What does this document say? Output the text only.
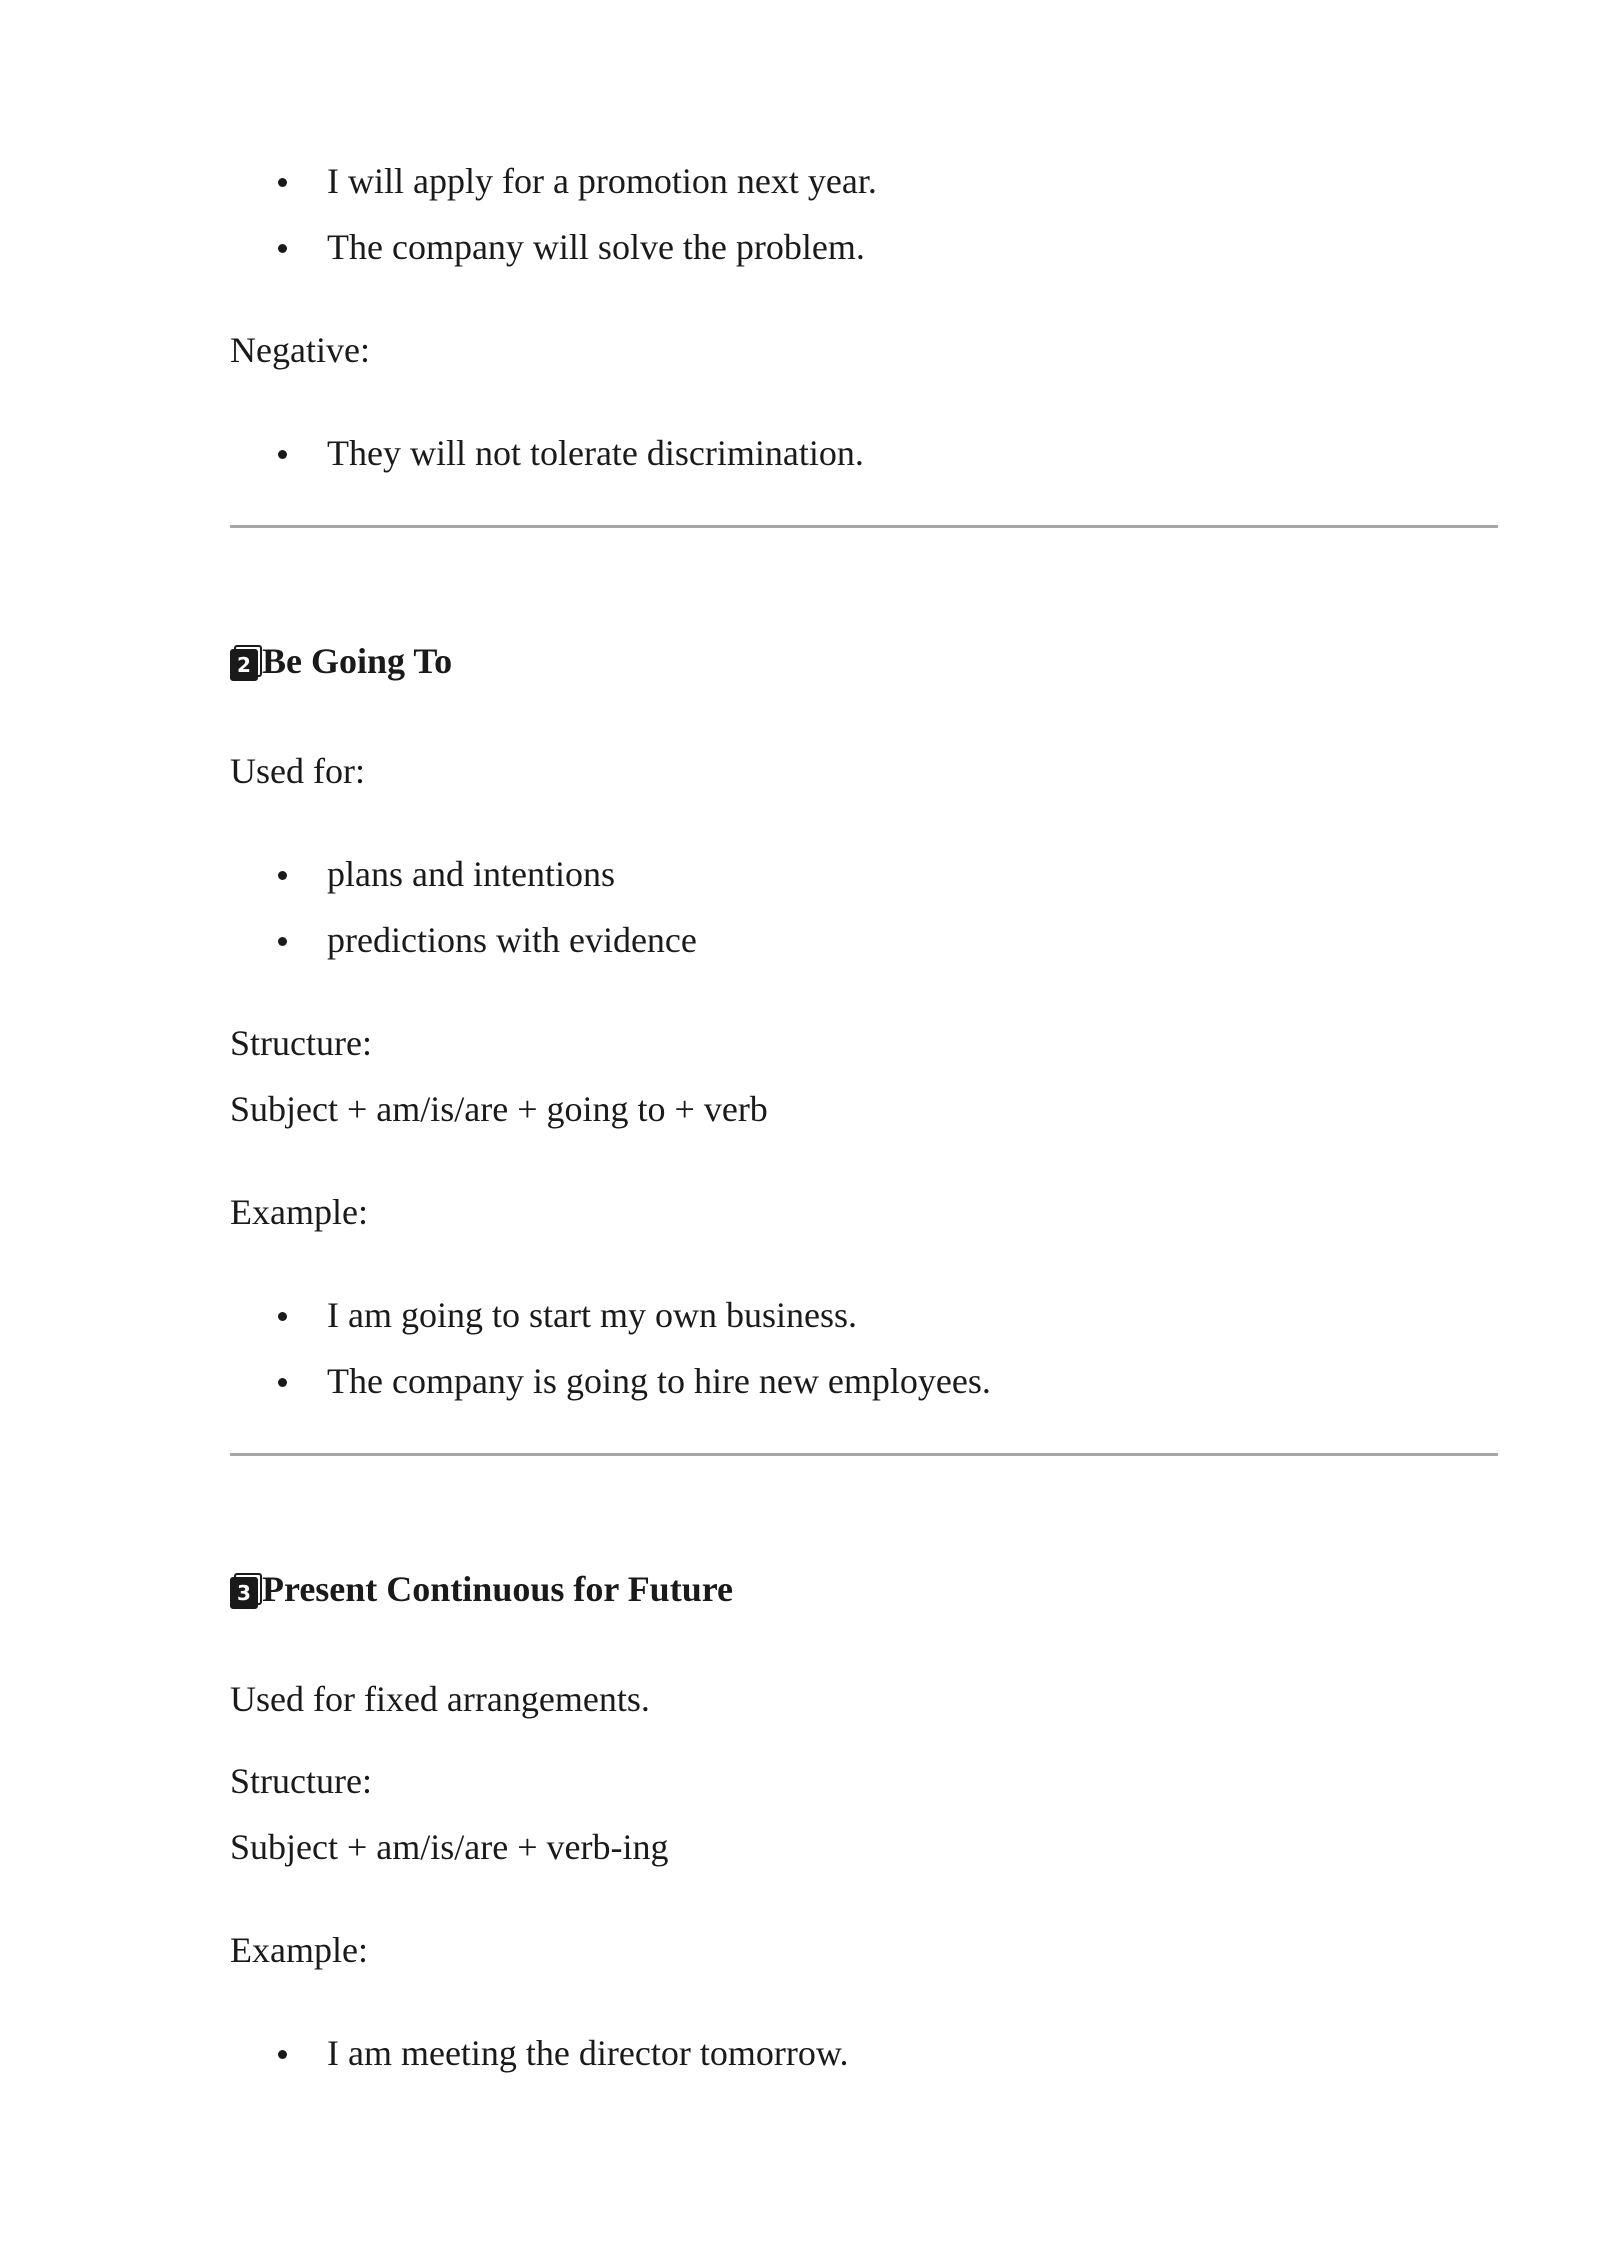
I will apply for a promotion next year.
The company will solve the problem.

Negative:

They will not tolerate discrimination.
2 Be Going To

Used for:

plans and intentions
predictions with evidence

Structure:

Subject + am/is/are + going to + verb

Example:

I am going to start my own business.
The company is going to hire new employees.
3 Present Continuous for Future

Used for fixed arrangements.

Structure:

Subject + am/is/are + verb-ing

Example:

I am meeting the director tomorrow.
